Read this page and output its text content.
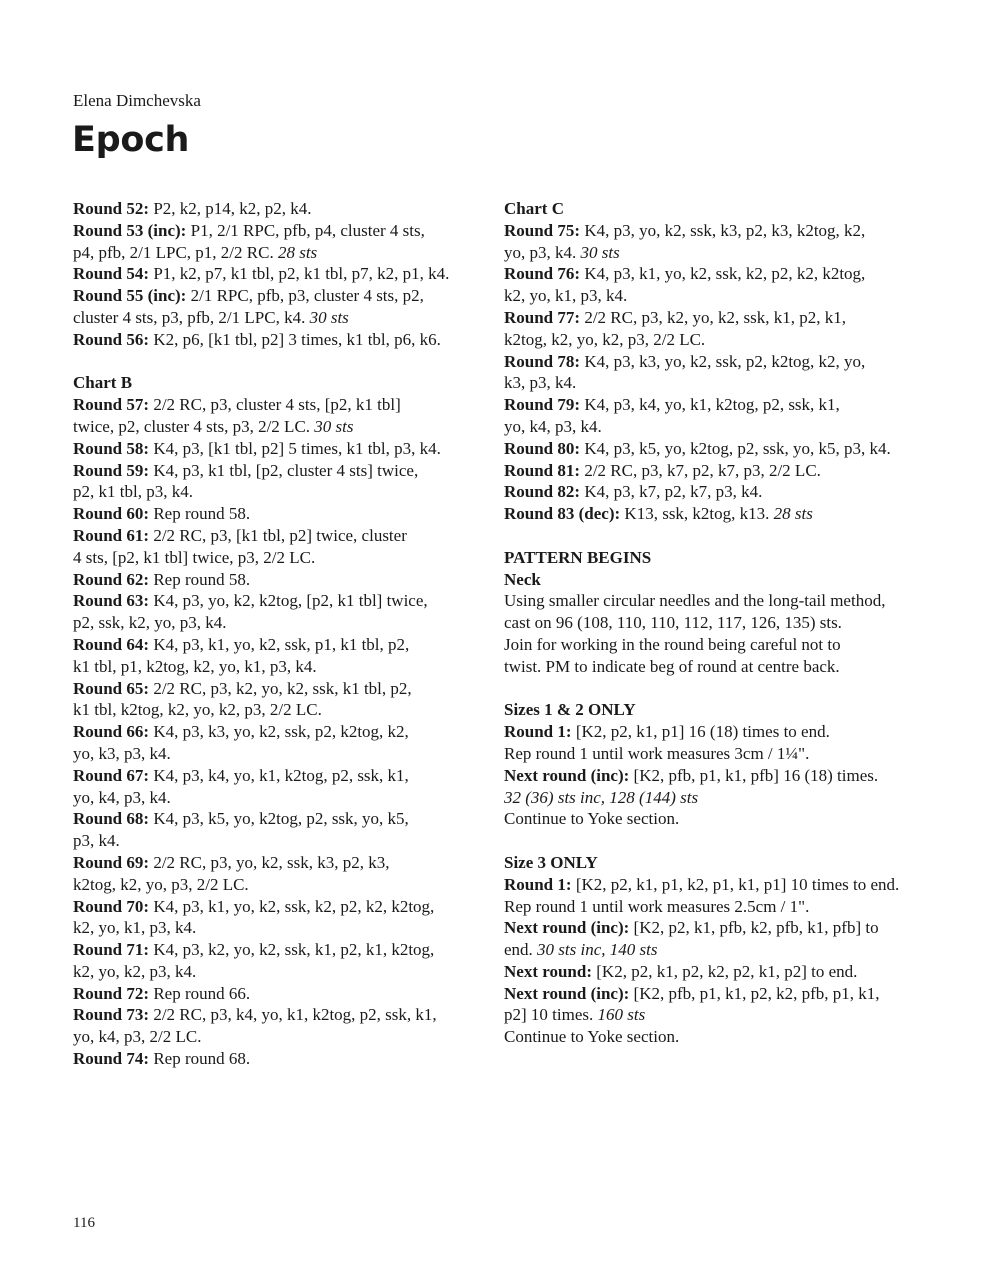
Elena Dimchevska
Epoch
Round 52: P2, k2, p14, k2, p2, k4.
Round 53 (inc): P1, 2/1 RPC, pfb, p4, cluster 4 sts,
p4, pfb, 2/1 LPC, p1, 2/2 RC. 28 sts
Round 54: P1, k2, p7, k1 tbl, p2, k1 tbl, p7, k2, p1, k4.
Round 55 (inc): 2/1 RPC, pfb, p3, cluster 4 sts, p2,
cluster 4 sts, p3, pfb, 2/1 LPC, k4. 30 sts
Round 56: K2, p6, [k1 tbl, p2] 3 times, k1 tbl, p6, k6.
Chart B
Round 57: 2/2 RC, p3, cluster 4 sts, [p2, k1 tbl]
twice, p2, cluster 4 sts, p3, 2/2 LC. 30 sts
Round 58: K4, p3, [k1 tbl, p2] 5 times, k1 tbl, p3, k4.
Round 59: K4, p3, k1 tbl, [p2, cluster 4 sts] twice,
p2, k1 tbl, p3, k4.
Round 60: Rep round 58.
Round 61: 2/2 RC, p3, [k1 tbl, p2] twice, cluster
4 sts, [p2, k1 tbl] twice, p3, 2/2 LC.
Round 62: Rep round 58.
Round 63: K4, p3, yo, k2, k2tog, [p2, k1 tbl] twice,
p2, ssk, k2, yo, p3, k4.
Round 64: K4, p3, k1, yo, k2, ssk, p1, k1 tbl, p2,
k1 tbl, p1, k2tog, k2, yo, k1, p3, k4.
Round 65: 2/2 RC, p3, k2, yo, k2, ssk, k1 tbl, p2,
k1 tbl, k2tog, k2, yo, k2, p3, 2/2 LC.
Round 66: K4, p3, k3, yo, k2, ssk, p2, k2tog, k2,
yo, k3, p3, k4.
Round 67: K4, p3, k4, yo, k1, k2tog, p2, ssk, k1,
yo, k4, p3, k4.
Round 68: K4, p3, k5, yo, k2tog, p2, ssk, yo, k5,
p3, k4.
Round 69: 2/2 RC, p3, yo, k2, ssk, k3, p2, k3,
k2tog, k2, yo, p3, 2/2 LC.
Round 70: K4, p3, k1, yo, k2, ssk, k2, p2, k2, k2tog,
k2, yo, k1, p3, k4.
Round 71: K4, p3, k2, yo, k2, ssk, k1, p2, k1, k2tog,
k2, yo, k2, p3, k4.
Round 72: Rep round 66.
Round 73: 2/2 RC, p3, k4, yo, k1, k2tog, p2, ssk, k1,
yo, k4, p3, 2/2 LC.
Round 74: Rep round 68.
Chart C
Round 75: K4, p3, yo, k2, ssk, k3, p2, k3, k2tog, k2,
yo, p3, k4. 30 sts
Round 76: K4, p3, k1, yo, k2, ssk, k2, p2, k2, k2tog,
k2, yo, k1, p3, k4.
Round 77: 2/2 RC, p3, k2, yo, k2, ssk, k1, p2, k1,
k2tog, k2, yo, k2, p3, 2/2 LC.
Round 78: K4, p3, k3, yo, k2, ssk, p2, k2tog, k2, yo,
k3, p3, k4.
Round 79: K4, p3, k4, yo, k1, k2tog, p2, ssk, k1,
yo, k4, p3, k4.
Round 80: K4, p3, k5, yo, k2tog, p2, ssk, yo, k5, p3, k4.
Round 81: 2/2 RC, p3, k7, p2, k7, p3, 2/2 LC.
Round 82: K4, p3, k7, p2, k7, p3, k4.
Round 83 (dec): K13, ssk, k2tog, k13. 28 sts
PATTERN BEGINS
Neck
Using smaller circular needles and the long-tail method,
cast on 96 (108, 110, 110, 112, 117, 126, 135) sts.
Join for working in the round being careful not to
twist. PM to indicate beg of round at centre back.
Sizes 1 & 2 ONLY
Round 1: [K2, p2, k1, p1] 16 (18) times to end.
Rep round 1 until work measures 3cm / 1¼".
Next round (inc): [K2, pfb, p1, k1, pfb] 16 (18) times.
32 (36) sts inc, 128 (144) sts
Continue to Yoke section.
Size 3 ONLY
Round 1: [K2, p2, k1, p1, k2, p1, k1, p1] 10 times to end.
Rep round 1 until work measures 2.5cm / 1".
Next round (inc): [K2, p2, k1, pfb, k2, pfb, k1, pfb] to
end. 30 sts inc, 140 sts
Next round: [K2, p2, k1, p2, k2, p2, k1, p2] to end.
Next round (inc): [K2, pfb, p1, k1, p2, k2, pfb, p1, k1,
p2] 10 times. 160 sts
Continue to Yoke section.
116
